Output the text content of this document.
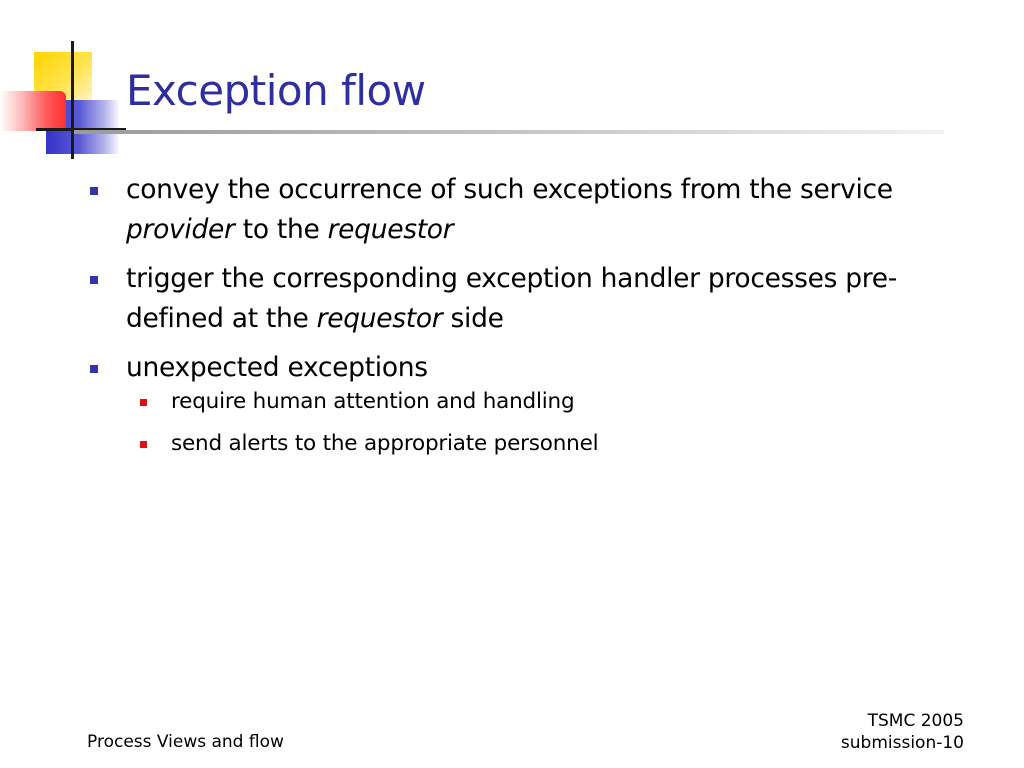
Exception flow
convey the occurrence of such exceptions from the service provider to the requestor
trigger the corresponding exception handler processes pre-defined at the requestor side
unexpected exceptions
require human attention and handling
send alerts to the appropriate personnel
Process Views and flow
TSMC 2005
submission-10
